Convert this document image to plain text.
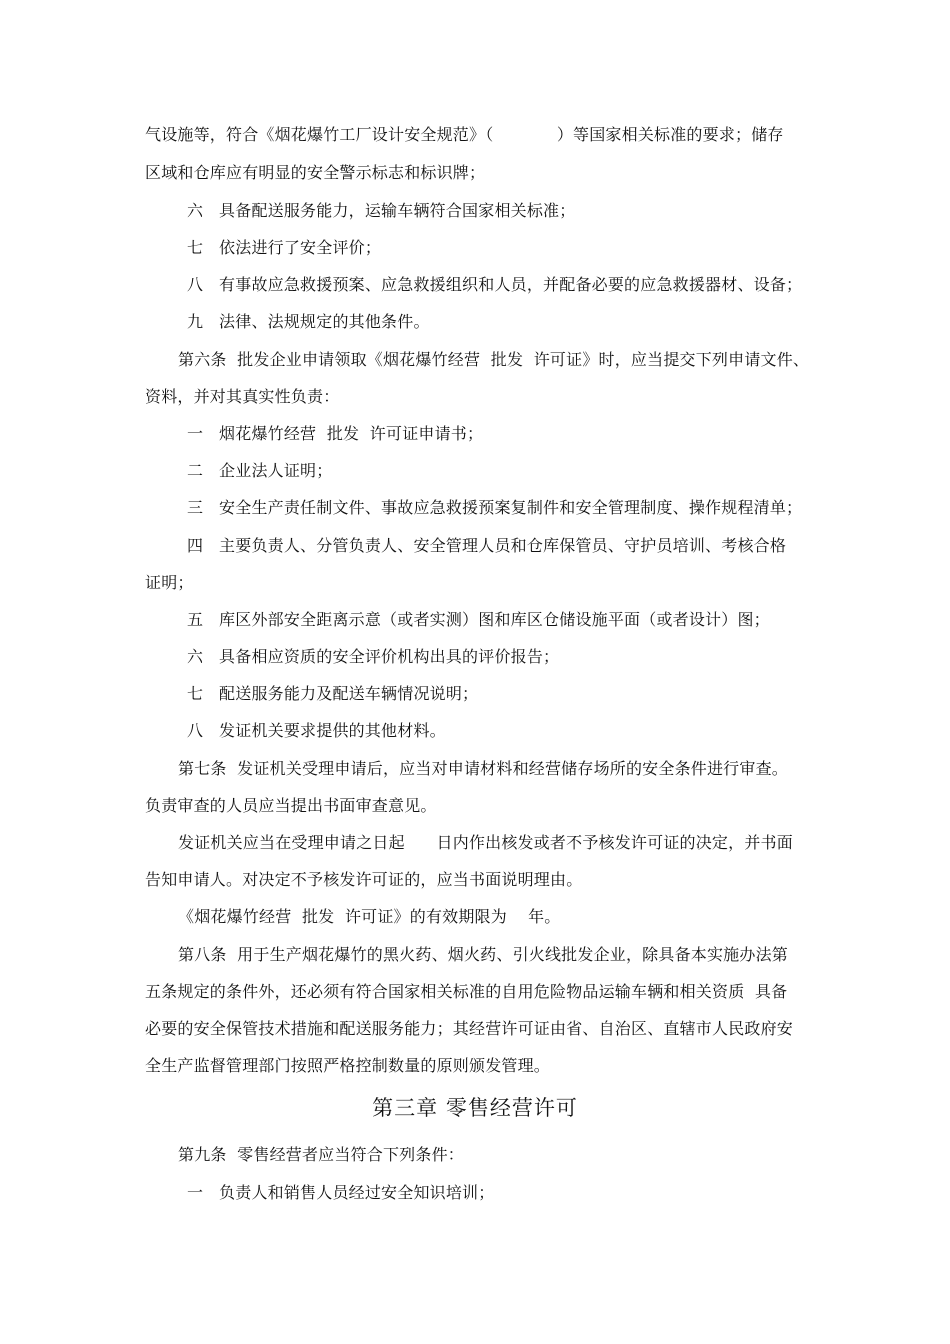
气设施等，符合《烟花爆竹工厂设计安全规范》（            ）等国家相关标准的要求；储存
区域和仓库应有明显的安全警示标志和标识牌；
六   具备配送服务能力，运输车辆符合国家相关标准；
七   依法进行了安全评价；
八   有事故应急救援预案、应急救援组织和人员，并配备必要的应急救援器材、设备；
九   法律、法规规定的其他条件。
第六条  批发企业申请领取《烟花爆竹经营  批发  许可证》时，应当提交下列申请文件、
资料，并对其真实性负责：
一   烟花爆竹经营  批发  许可证申请书；
二   企业法人证明；
三   安全生产责任制文件、事故应急救援预案复制件和安全管理制度、操作规程清单；
四   主要负责人、分管负责人、安全管理人员和仓库保管员、守护员培训、考核合格
证明；
五   库区外部安全距离示意（或者实测）图和库区仓储设施平面（或者设计）图；
六   具备相应资质的安全评价机构出具的评价报告；
七   配送服务能力及配送车辆情况说明；
八   发证机关要求提供的其他材料。
第七条  发证机关受理申请后，应当对申请材料和经营储存场所的安全条件进行审查。
负责审查的人员应当提出书面审查意见。
发证机关应当在受理申请之日起      日内作出核发或者不予核发许可证的决定，并书面
告知申请人。对决定不予核发许可证的，应当书面说明理由。
《烟花爆竹经营  批发  许可证》的有效期限为    年。
第八条  用于生产烟花爆竹的黑火药、烟火药、引火线批发企业，除具备本实施办法第
五条规定的条件外，还必须有符合国家相关标准的自用危险物品运输车辆和相关资质  具备
必要的安全保管技术措施和配送服务能力；其经营许可证由省、自治区、直辖市人民政府安
全生产监督管理部门按照严格控制数量的原则颁发管理。
第三章 零售经营许可
第九条  零售经营者应当符合下列条件：
一   负责人和销售人员经过安全知识培训；
